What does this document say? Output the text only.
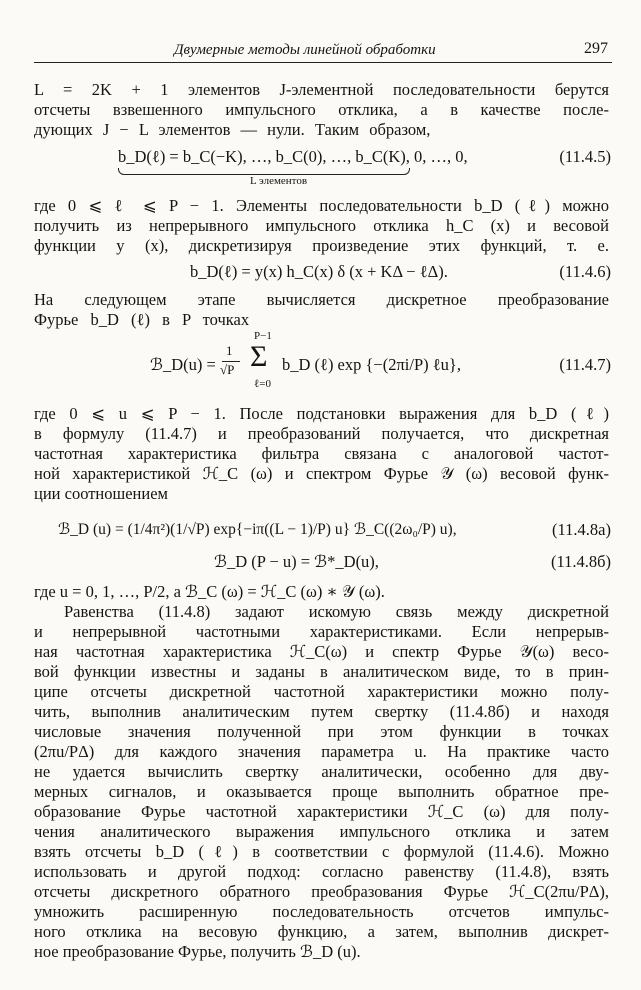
Двумерные методы линейной обработки	297
L = 2K + 1 элементов J-элементной последовательности берутся
отсчеты взвешенного импульсного отклика, а в качестве после-
дующих J − L элементов — нули. Таким образом,
b_D(ℓ) = b_C(−K), …, b_C(0), …, b_C(K), 0, …, 0,
L элементов
(11.4.5)
где 0 ⩽ ℓ ⩽ P − 1. Элементы последовательности b_D (ℓ) можно
получить из непрерывного импульсного отклика h_C (x) и весовой
функции y (x), дискретизируя произведение этих функций, т. е.
b_D(ℓ) = y(x) h_C(x) δ (x + KΔ − ℓΔ).	(11.4.6)
На следующем этапе вычисляется дискретное преобразование
Фурье b_D (ℓ) в P точках
ℬ_D(u) =
1
√P
P−1
Σ
ℓ=0
b_D (ℓ) exp {−(2πi/P) ℓu},	(11.4.7)
где 0 ⩽ u ⩽ P − 1. После подстановки выражения для b_D (ℓ)
в формулу (11.4.7) и преобразований получается, что дискретная
частотная характеристика фильтра связана с аналоговой частот-
ной характеристикой ℋ_C (ω) и спектром Фурье 𝒴 (ω) весовой функ-
ции соотношением
ℬ_D (u) = (1/4π²)(1/√P) exp{−iπ((L − 1)/P) u} ℬ_C((2ω₀/P) u),	(11.4.8а)
ℬ_D (P − u) = ℬ*_D(u),	(11.4.8б)
где u = 0, 1, …, P/2, а ℬ_C (ω) = ℋ_C (ω) ∗ 𝒴 (ω).
Равенства (11.4.8) задают искомую связь между дискретной
и непрерывной частотными характеристиками. Если непрерыв-
ная частотная характеристика ℋ_C(ω) и спектр Фурье 𝒴(ω) весо-
вой функции известны и заданы в аналитическом виде, то в прин-
ципе отсчеты дискретной частотной характеристики можно полу-
чить, выполнив аналитическим путем свертку (11.4.8б) и находя
числовые значения полученной при этом функции в точках
(2πu/PΔ) для каждого значения параметра u. На практике часто
не удается вычислить свертку аналитически, особенно для дву-
мерных сигналов, и оказывается проще выполнить обратное пре-
образование Фурье частотной характеристики ℋ_C (ω) для полу-
чения аналитического выражения импульсного отклика и затем
взять отсчеты b_D (ℓ) в соответствии с формулой (11.4.6). Можно
использовать и другой подход: согласно равенству (11.4.8), взять
отсчеты дискретного обратного преобразования Фурье ℋ_C(2πu/PΔ),
умножить расширенную последовательность отсчетов импульс-
ного отклика на весовую функцию, а затем, выполнив дискрет-
ное преобразование Фурье, получить ℬ_D (u).
